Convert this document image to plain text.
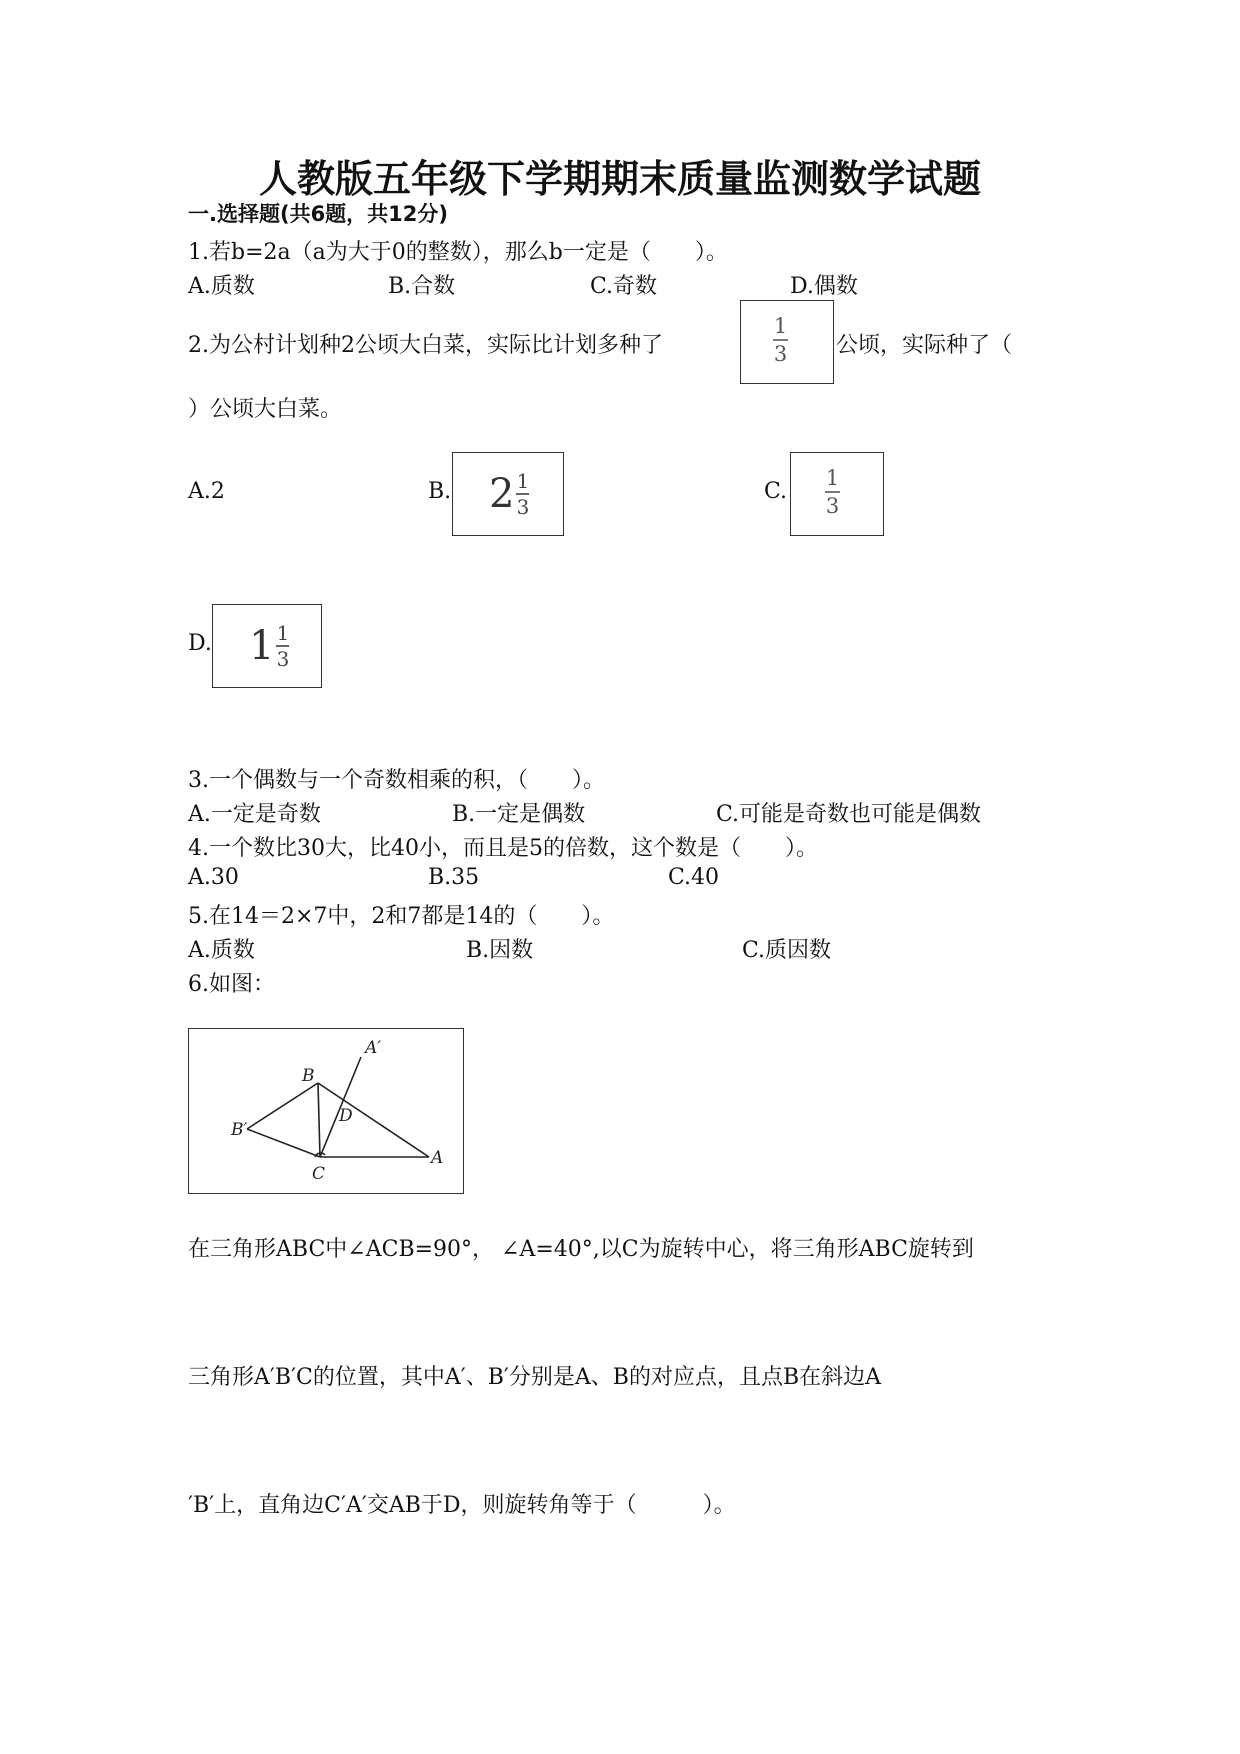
人教版五年级下学期期末质量监测数学试题
一.选择题(共6题，共12分)
1.若b=2a（a为大于0的整数），那么b一定是（　　）。
A.质数	B.合数	C.奇数	D.偶数
2.为公村计划种2公顷大白菜，实际比计划多种了
1
3 公顷，实际种了（
）公顷大白菜。
A.2	B. 2 1
3
C.
1
3
D. 1 1
3
3.一个偶数与一个奇数相乘的积，（　　）。
A.一定是奇数	B.一定是偶数	C.可能是奇数也可能是偶数
4.一个数比30大，比40小，而且是5的倍数，这个数是（　　）。
A.30	B.35	C.40
5.在14＝2×7中，2和7都是14的（　　）。
A.质数	B.因数	C.质因数
6.如图：
A′
B
D
B′
C
A
在三角形ABC中∠ACB=90°， ∠A=40°,以C为旋转中心，将三角形ABC旋转到
三角形A′B′C的位置，其中A′、B′分别是A、B的对应点，且点B在斜边A
′B′上，直角边C′A′交AB于D，则旋转角等于（　　　）。
